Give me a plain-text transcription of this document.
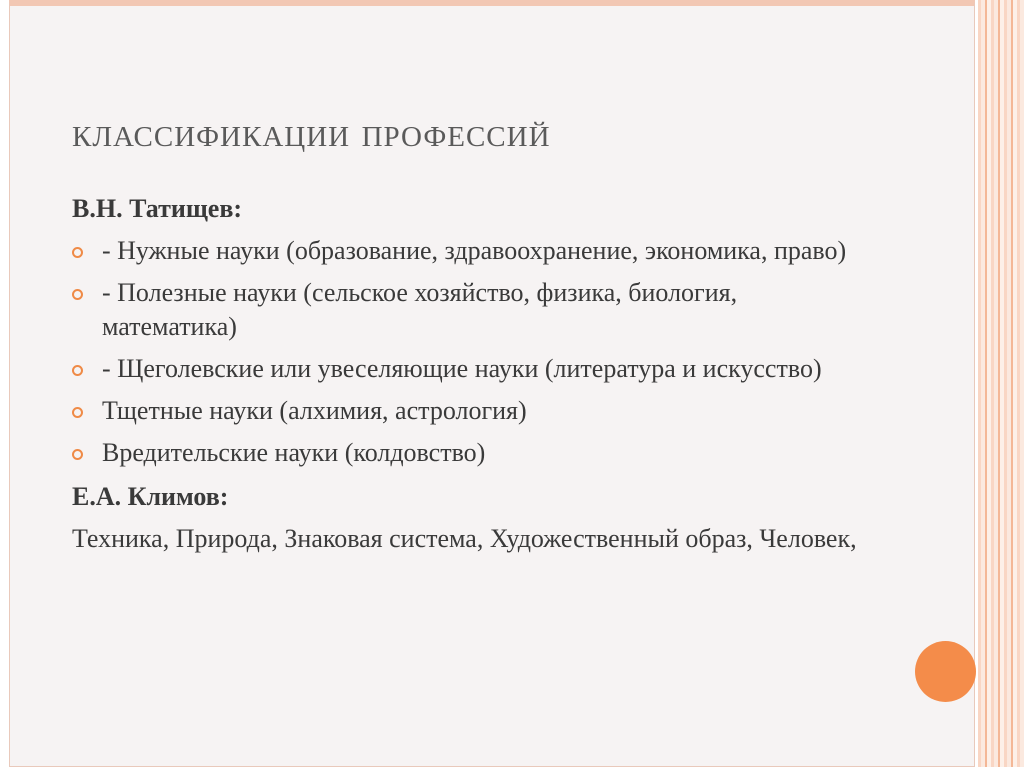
классификации профессий
В.Н. Татищев:
- Нужные науки (образование, здравоохранение, экономика, право)
- Полезные науки (сельское хозяйство, физика, биология, математика)
- Щеголевские или увеселяющие науки (литература и искусство)
Тщетные науки (алхимия, астрология)
Вредительские науки (колдовство)
Е.А. Климов:

Техника, Природа, Знаковая система, Художественный образ, Человек,
